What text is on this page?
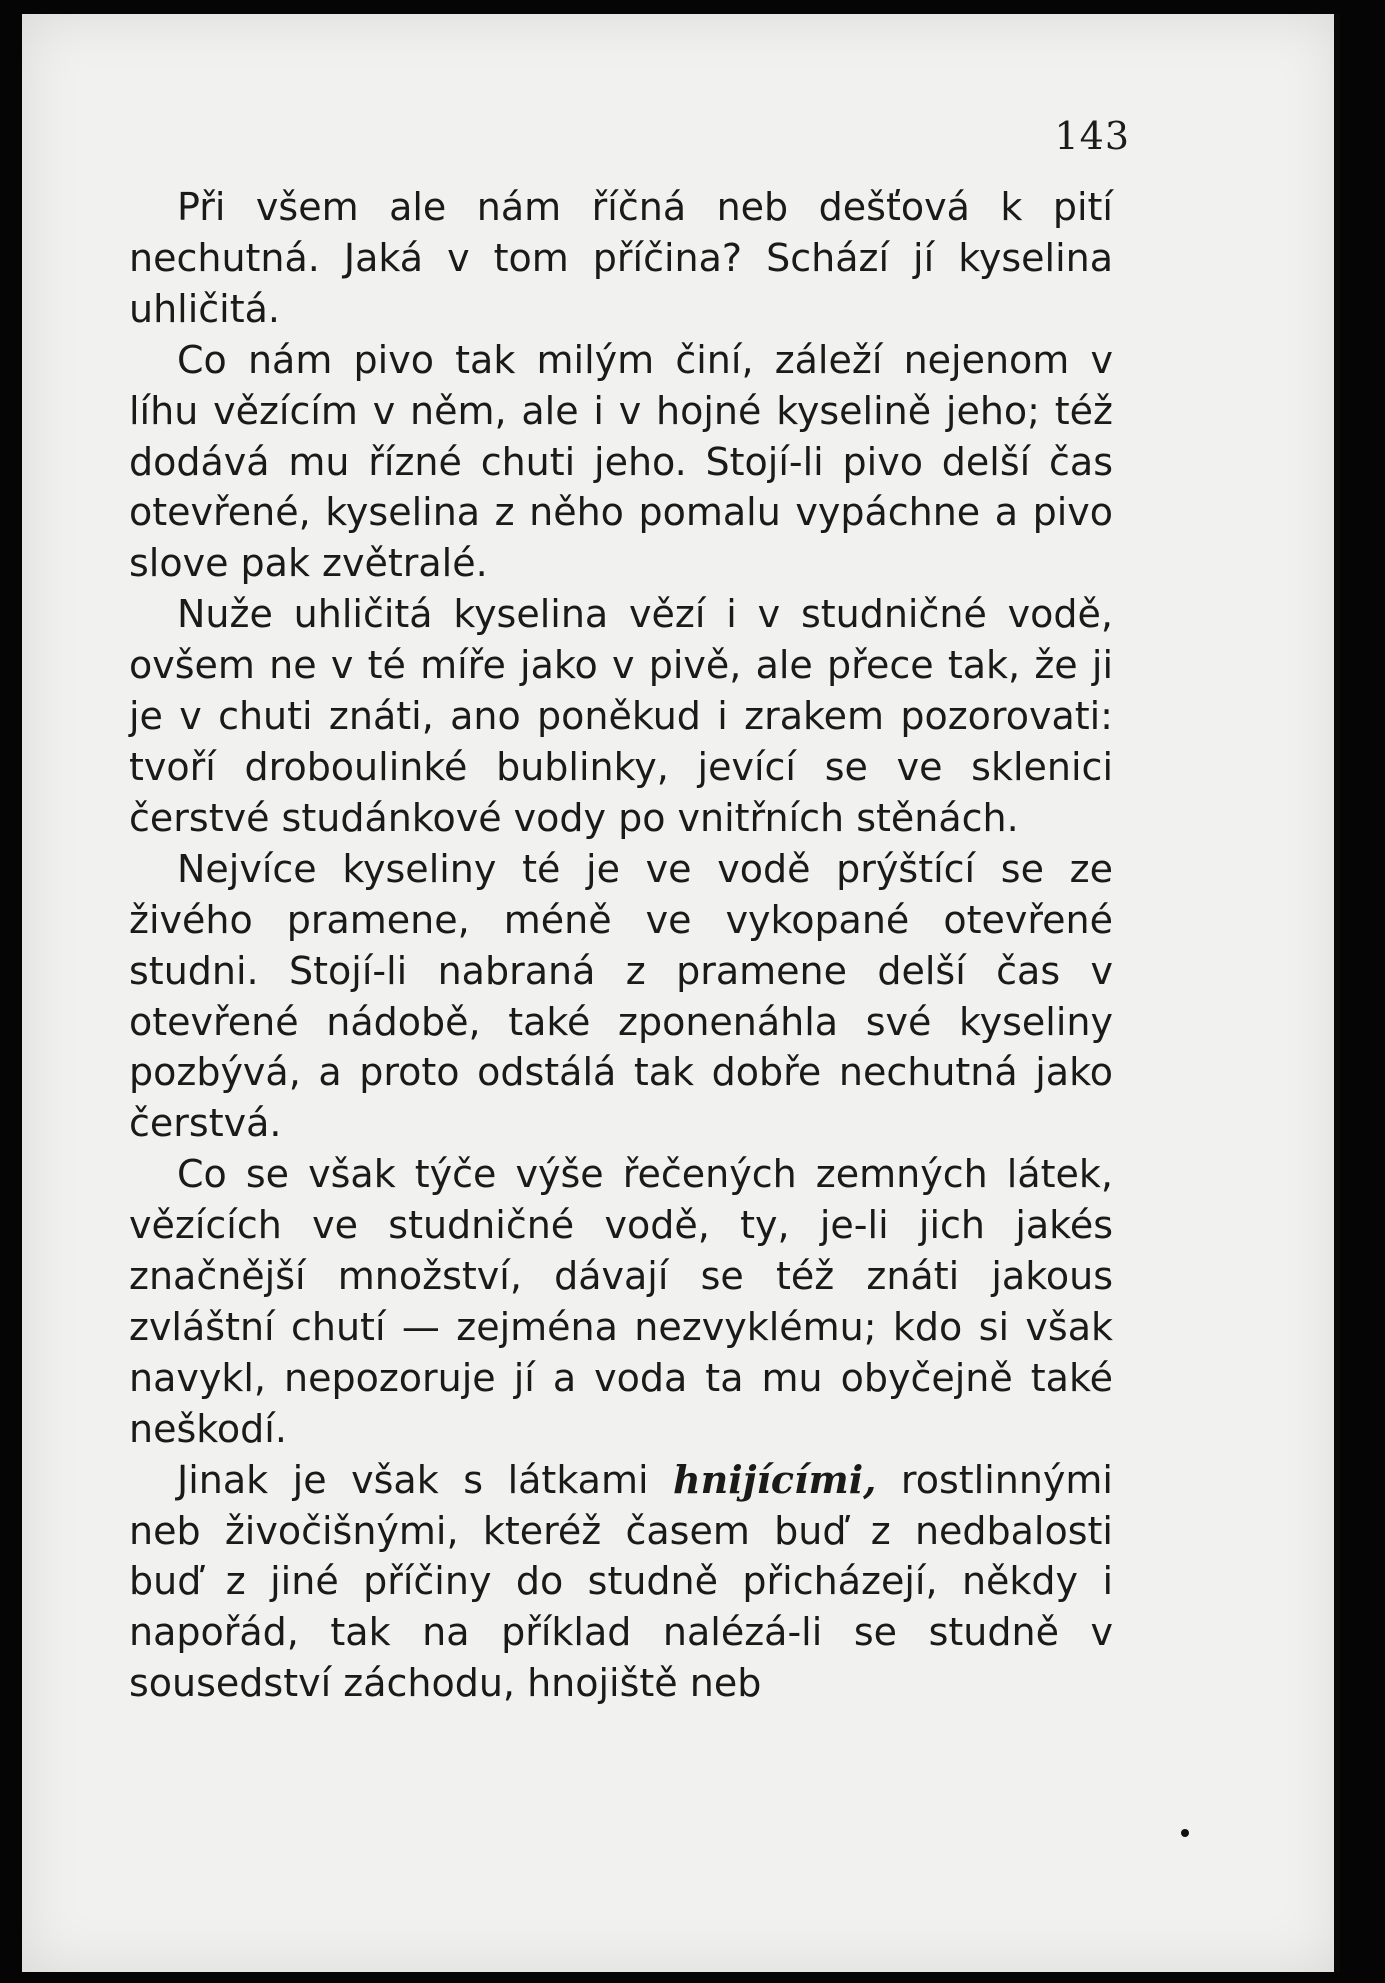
143

Při všem ale nám říčná neb dešťová k pití nechutná. Jaká v tom příčina? Schází jí kyselina uhličitá.

Co nám pivo tak milým činí, záleží nejenom v líhu vězícím v něm, ale i v hojné kyselině jeho; též dodává mu řízné chuti jeho. Stojí-li pivo delší čas otevřené, kyselina z něho pomalu vypáchne a pivo slove pak zvětralé.

Nuže uhličitá kyselina vězí i v studničné vodě, ovšem ne v té míře jako v pivě, ale přece tak, že ji je v chuti znáti, ano poněkud i zrakem pozorovati: tvoří droboulinké bublinky, jevící se ve sklenici čerstvé studánkové vody po vnitřních stěnách.

Nejvíce kyseliny té je ve vodě prýštící se ze živého pramene, méně ve vykopané otevřené studni. Stojí-li nabraná z pramene delší čas v otevřené nádobě, také zponenáhla své kyseliny pozbývá, a proto odstálá tak dobře nechutná jako čerstvá.

Co se však týče výše řečených zemných látek, vězících ve studničné vodě, ty, je-li jich jakés značnější množství, dávají se též znáti jakous zvláštní chutí — zejména nezvyklému; kdo si však navykl, nepozoruje jí a voda ta mu obyčejně také neškodí.

Jinak je však s látkami hnijícími, rostlinnými neb živočišnými, kteréž časem buď z nedbalosti buď z jiné příčiny do studně přicházejí, někdy i napořád, tak na příklad nalézá-li se studně v sousedství záchodu, hnojiště neb
